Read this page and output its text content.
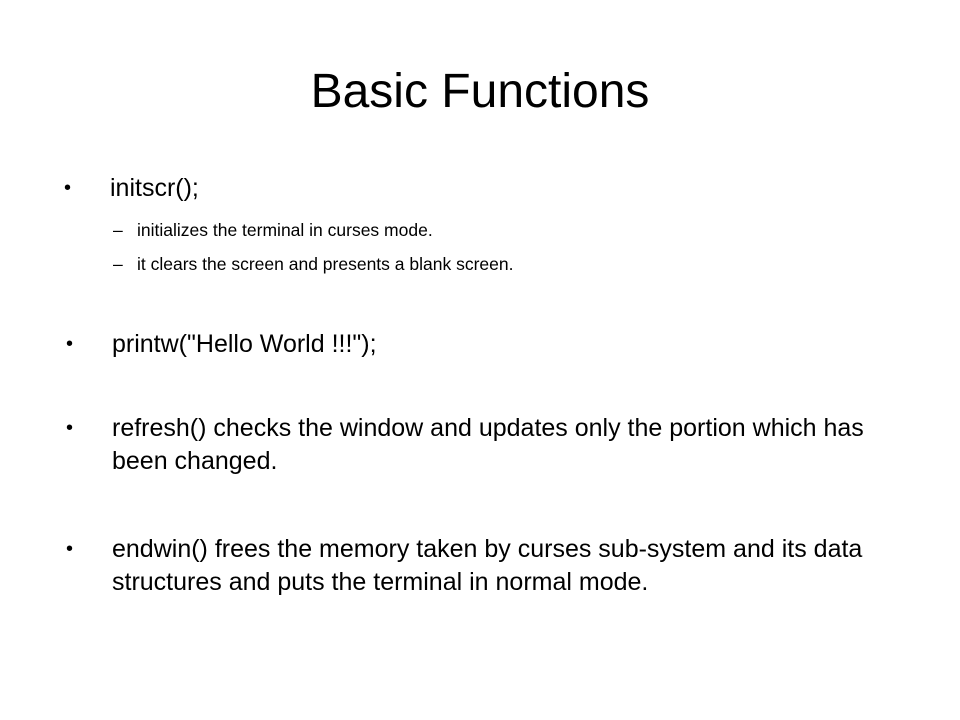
Basic Functions
• initscr();
– initializes the terminal in curses mode.
– it clears the screen and presents a blank screen.
• printw("Hello World !!!");
• refresh() checks the window and updates only the portion which has been changed.
• endwin() frees the memory taken by curses sub-system and its data structures and puts the terminal in normal mode.
